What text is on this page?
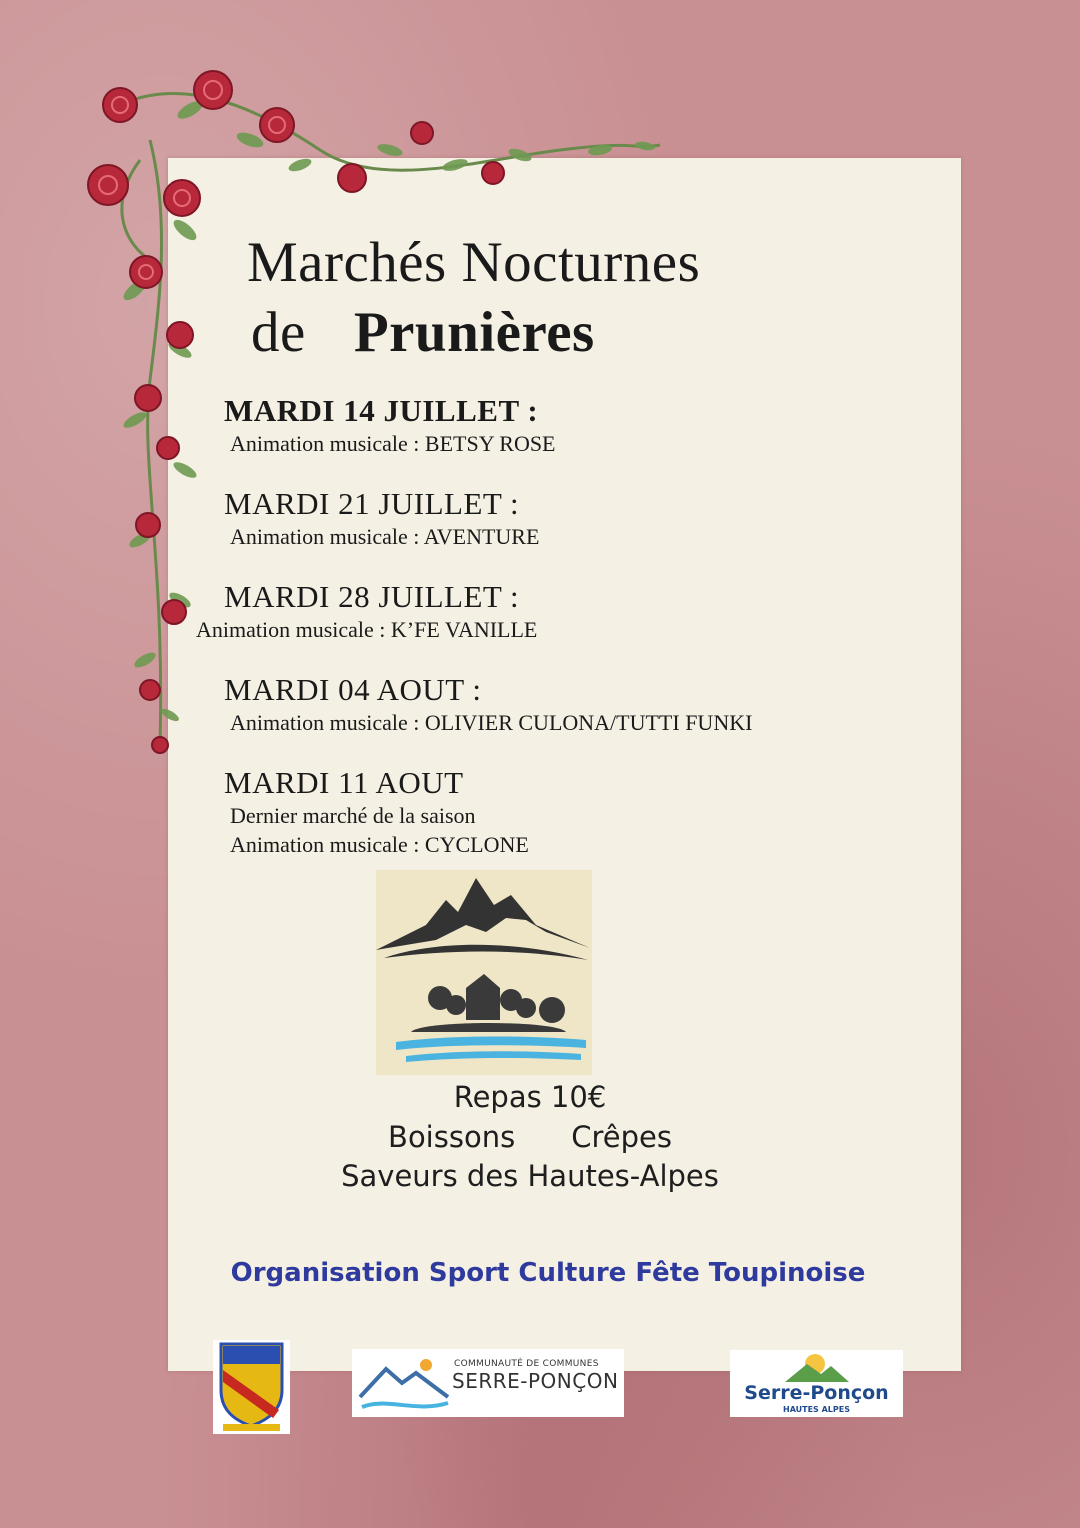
Marchés Nocturnes
de Prunières
MARDI 14 JUILLET :
Animation musicale : BETSY ROSE
MARDI 21 JUILLET :
Animation musicale : AVENTURE
MARDI 28 JUILLET :
Animation musicale : K’FE VANILLE
MARDI 04 AOUT :
Animation musicale : OLIVIER CULONA/TUTTI FUNKI
MARDI 11 AOUT
Dernier marché de la saison
Animation musicale : CYCLONE
Repas 10€
Boissons Crêpes
Saveurs des Hautes-Alpes
Organisation Sport Culture Fête Toupinoise
COMMUNAUTÉ DE COMMUNES
SERRE-PONÇON	Serre-Ponçon
HAUTES ALPES
